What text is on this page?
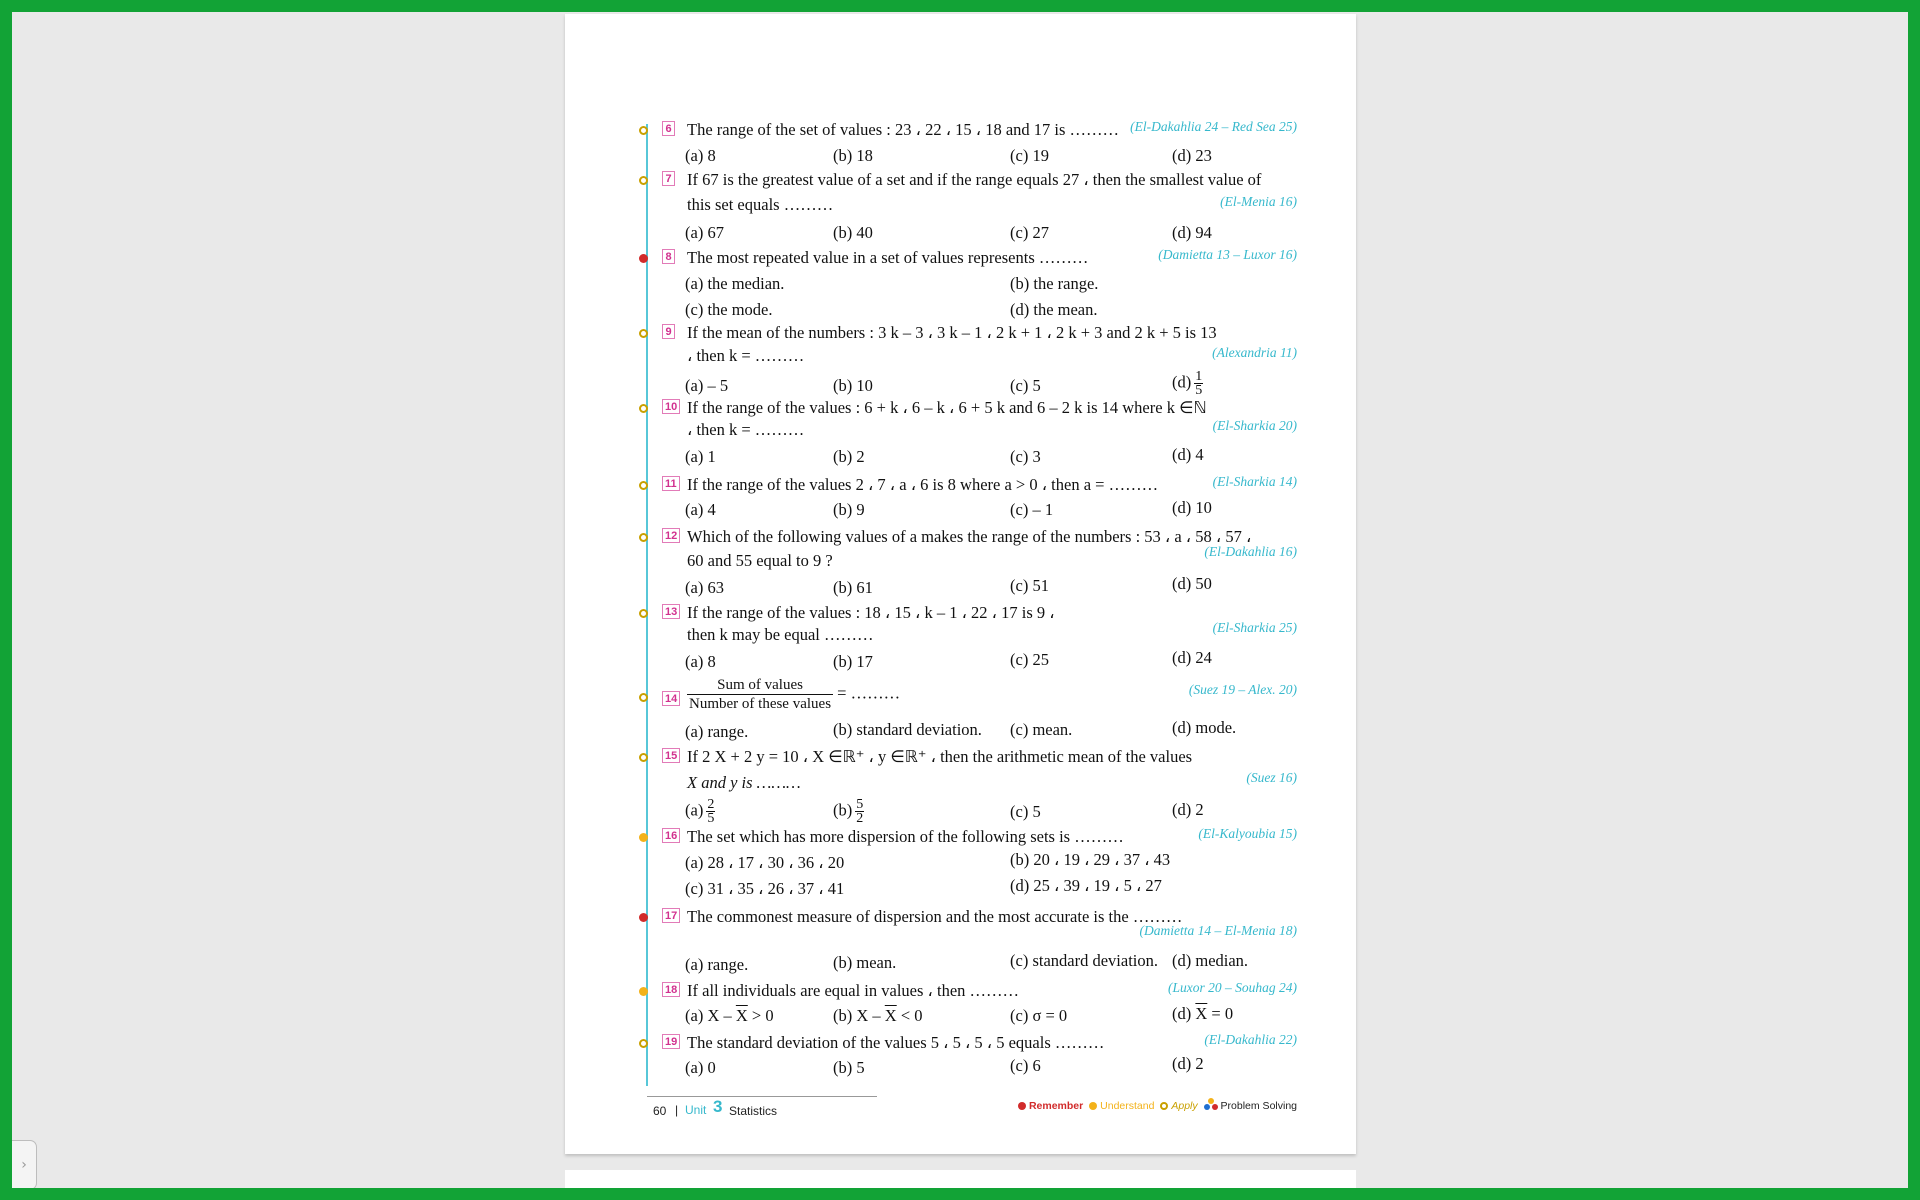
6 The range of the set of values : 23 ، 22 ، 15 ، 18 and 17 is ……… (El-Dakahlia 24 – Red Sea 25)
(a) 8	(b) 18	(c) 19	(d) 23
7 If 67 is the greatest value of a set and if the range equals 27 ، then the smallest value of
this set equals ………	(El-Menia 16)
(a) 67	(b) 40	(c) 27	(d) 94
8 The most repeated value in a set of values represents ………	(Damietta 13 – Luxor 16)
(a) the median.	(b) the range.
(c) the mode.	(d) the mean.
9 If the mean of the numbers : 3 k – 3 ، 3 k – 1 ، 2 k + 1 ، 2 k + 3 and 2 k + 5 is 13
، then k = ………	(Alexandria 11)
(a) – 5	(b) 10	(c) 5	$(d) \frac{1}{5}$
10 If the range of the values : 6 + k ، 6 – k ، 6 + 5 k and 6 – 2 k is 14 where k ∈ℕ
، then k = ………	(El-Sharkia 20)
(a) 1	(b) 2	(c) 3	(d) 4
11 If the range of the values 2 ، 7 ، a ، 6 is 8 where a > 0 ، then a = ………	(El-Sharkia 14)
(a) 4	(b) 9	(c) – 1	(d) 10
12 Which of the following values of a makes the range of the numbers : 53 ، a ، 58 ، 57 ،
60 and 55 equal to 9 ?	(El-Dakahlia 16)
(a) 63	(b) 61	(c) 51	(d) 50
13 If the range of the values : 18 ، 15 ، k – 1 ، 22 ، 17 is 9 ،
then k may be equal ………	(El-Sharkia 25)
(a) 8	(b) 17	(c) 25	(d) 24
14
Sum of values
Number of these values
= ………	(Suez 19 – Alex. 20)
(a) range.	(b) standard deviation. (c) mean.	(d) mode.
15 If 2 X + 2 y = 10 ، X ∈ℝ⁺ ، y ∈ℝ⁺ ، then the arithmetic mean of the values
X and y is ………	(Suez 16)
$(a) \frac{2}{5}$	$(b) \frac{5}{2}$	(c) 5	(d) 2
16 The set which has more dispersion of the following sets is ………	(El-Kalyoubia 15)
(a) 28 ، 17 ، 30 ، 36 ، 20	(b) 20 ، 19 ، 29 ، 37 ، 43
(c) 31 ، 35 ، 26 ، 37 ، 41	(d) 25 ، 39 ، 19 ، 5 ، 27
17 The commonest measure of dispersion and the most accurate is the ………
(Damietta 14 – El-Menia 18)
(a) range.	(b) mean.	(c) standard deviation. (d) median.
18 If all individuals are equal in values ، then ………	(Luxor 20 – Souhag 24)
(a) $X - \overline{X} > 0$	(b) $X - \overline{X} < 0$	(c) σ = 0	(d) $\overline{X} = 0$
19 The standard deviation of the values 5 ، 5 ، 5 ، 5 equals ………	(El-Dakahlia 22)
(a) 0	(b) 5	(c) 6	(d) 2
60 | Unit 3 Statistics	Remember Understand Apply Problem Solving
›
